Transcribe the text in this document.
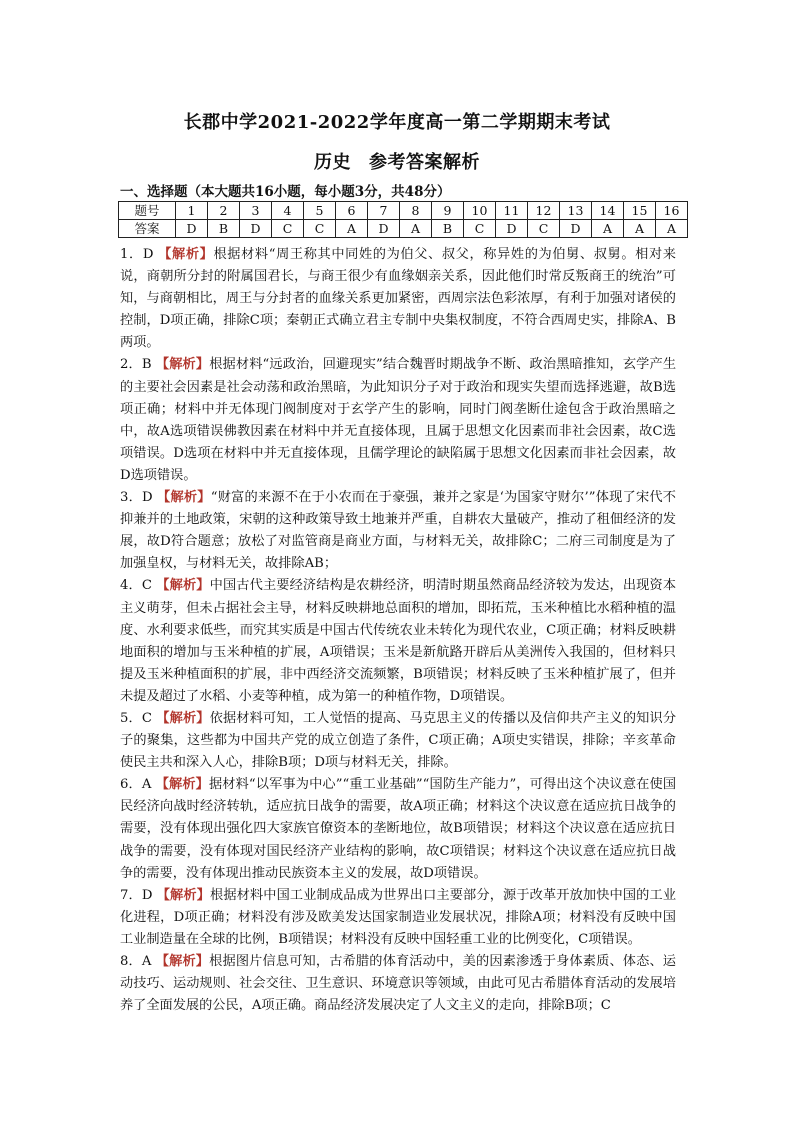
长郡中学2021-2022学年度高一第二学期期末考试
历史 参考答案解析
一、选择题（本大题共16小题，每小题3分，共48分）
题号	1	2	3	4	5	6	7	8	9	10	11	12	13	14	15	16
答案	D	B	D	C	C	A	D	A	B	C	D	C	D	A	A	A

1．D 【解析】根据材料“周王称其中同姓的为伯父、叔父，称异姓的为伯舅、叔舅。相对来说，商朝所分封的附属国君长，与商王很少有血缘姻亲关系，因此他们时常反叛商王的统治”可知，与商朝相比，周王与分封者的血缘关系更加紧密，西周宗法色彩浓厚，有利于加强对诸侯的控制，D项正确，排除C项；秦朝正式确立君主专制中央集权制度，不符合西周史实，排除A、B两项。

2．B 【解析】根据材料“远政治，回避现实”结合魏晋时期战争不断、政治黑暗推知，玄学产生的主要社会因素是社会动荡和政治黑暗，为此知识分子对于政治和现实失望而选择逃避，故B选项正确；材料中并无体现门阀制度对于玄学产生的影响，同时门阀垄断仕途包含于政治黑暗之中，故A选项错误佛教因素在材料中并无直接体现，且属于思想文化因素而非社会因素，故C选项错误。D选项在材料中并无直接体现，且儒学理论的缺陷属于思想文化因素而非社会因素，故D选项错误。

3．D 【解析】“财富的来源不在于小农而在于豪强，兼并之家是‘为国家守财尔’”体现了宋代不抑兼并的土地政策，宋朝的这种政策导致土地兼并严重，自耕农大量破产，推动了租佃经济的发展，故D符合题意；放松了对监管商是商业方面，与材料无关，故排除C；二府三司制度是为了加强皇权，与材料无关，故排除AB；

4．C 【解析】中国古代主要经济结构是农耕经济，明清时期虽然商品经济较为发达，出现资本主义萌芽，但未占据社会主导，材料反映耕地总面积的增加，即拓荒，玉米种植比水稻种植的温度、水利要求低些，而究其实质是中国古代传统农业未转化为现代农业，C项正确；材料反映耕地面积的增加与玉米种植的扩展，A项错误；玉米是新航路开辟后从美洲传入我国的，但材料只提及玉米种植面积的扩展，非中西经济交流频繁，B项错误；材料反映了玉米种植扩展了，但并未提及超过了水稻、小麦等种植，成为第一的种植作物，D项错误。

5．C 【解析】依据材料可知，工人觉悟的提高、马克思主义的传播以及信仰共产主义的知识分子的聚集，这些都为中国共产党的成立创造了条件，C项正确；A项史实错误，排除；辛亥革命使民主共和深入人心，排除B项；D项与材料无关，排除。

6．A 【解析】据材料“以军事为中心”“重工业基础”“国防生产能力”，可得出这个决议意在使国民经济向战时经济转轨，适应抗日战争的需要，故A项正确；材料这个决议意在适应抗日战争的需要，没有体现出强化四大家族官僚资本的垄断地位，故B项错误；材料这个决议意在适应抗日战争的需要，没有体现对国民经济产业结构的影响，故C项错误；材料这个决议意在适应抗日战争的需要，没有体现出推动民族资本主义的发展，故D项错误。

7．D 【解析】根据材料中国工业制成品成为世界出口主要部分，源于改革开放加快中国的工业化进程，D项正确；材料没有涉及欧美发达国家制造业发展状况，排除A项；材料没有反映中国工业制造量在全球的比例，B项错误；材料没有反映中国轻重工业的比例变化，C项错误。

8．A 【解析】根据图片信息可知，古希腊的体育活动中，美的因素渗透于身体素质、体态、运动技巧、运动规则、社会交往、卫生意识、环境意识等领域，由此可见古希腊体育活动的发展培养了全面发展的公民，A项正确。商品经济发展决定了人文主义的走向，排除B项；C
